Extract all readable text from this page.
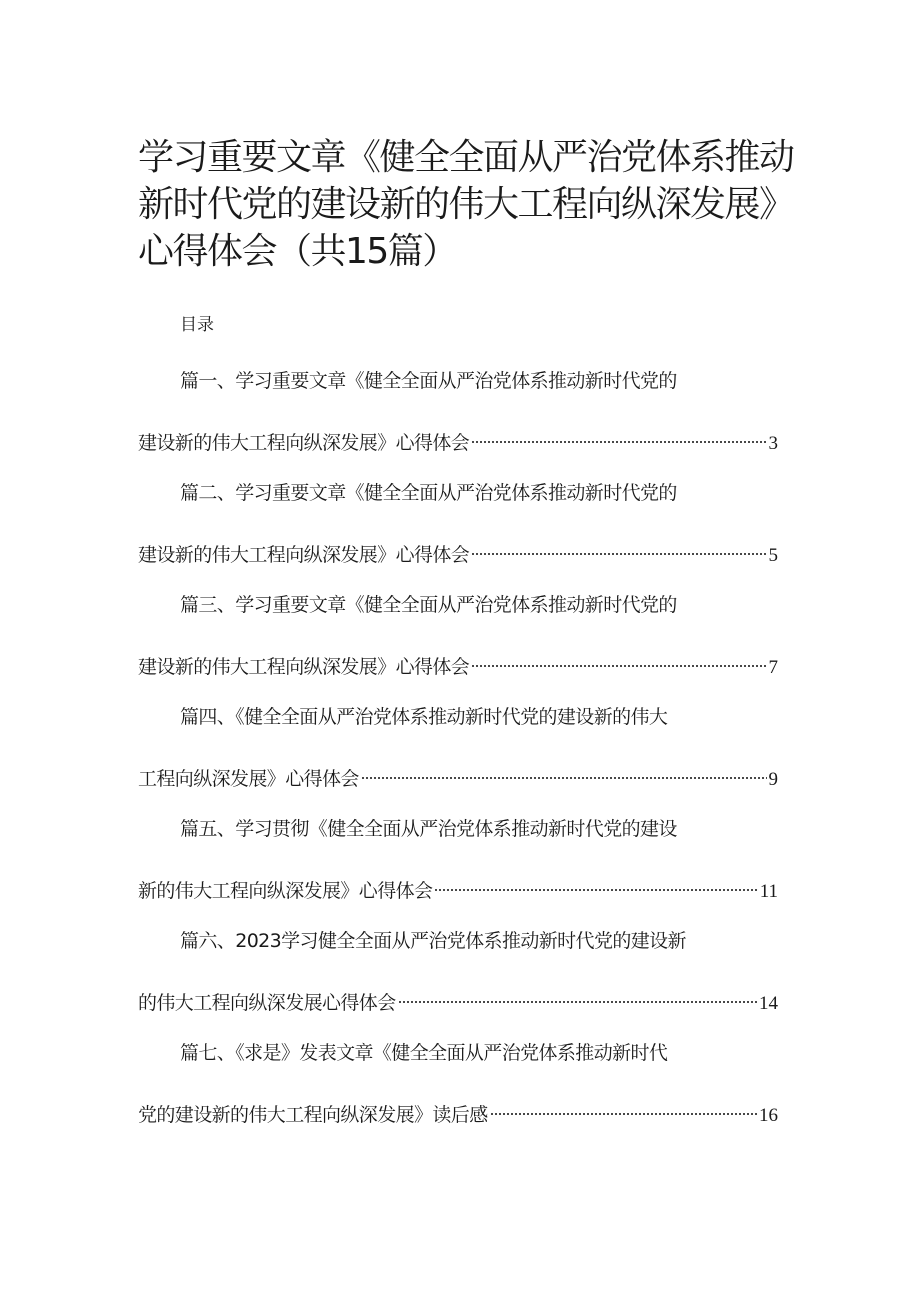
学习重要文章《健全全面从严治党体系推动
新时代党的建设新的伟大工程向纵深发展》
心得体会（共15篇）

目录

篇一、学习重要文章《健全全面从严治党体系推动新时代党的
建设新的伟大工程向纵深发展》心得体会	3
篇二、学习重要文章《健全全面从严治党体系推动新时代党的
建设新的伟大工程向纵深发展》心得体会	5
篇三、学习重要文章《健全全面从严治党体系推动新时代党的
建设新的伟大工程向纵深发展》心得体会	7
篇四、《健全全面从严治党体系推动新时代党的建设新的伟大
工程向纵深发展》心得体会	9
篇五、学习贯彻《健全全面从严治党体系推动新时代党的建设
新的伟大工程向纵深发展》心得体会	11
篇六、2023学习健全全面从严治党体系推动新时代党的建设新
的伟大工程向纵深发展心得体会	14
篇七、《求是》发表文章《健全全面从严治党体系推动新时代
党的建设新的伟大工程向纵深发展》读后感	16
